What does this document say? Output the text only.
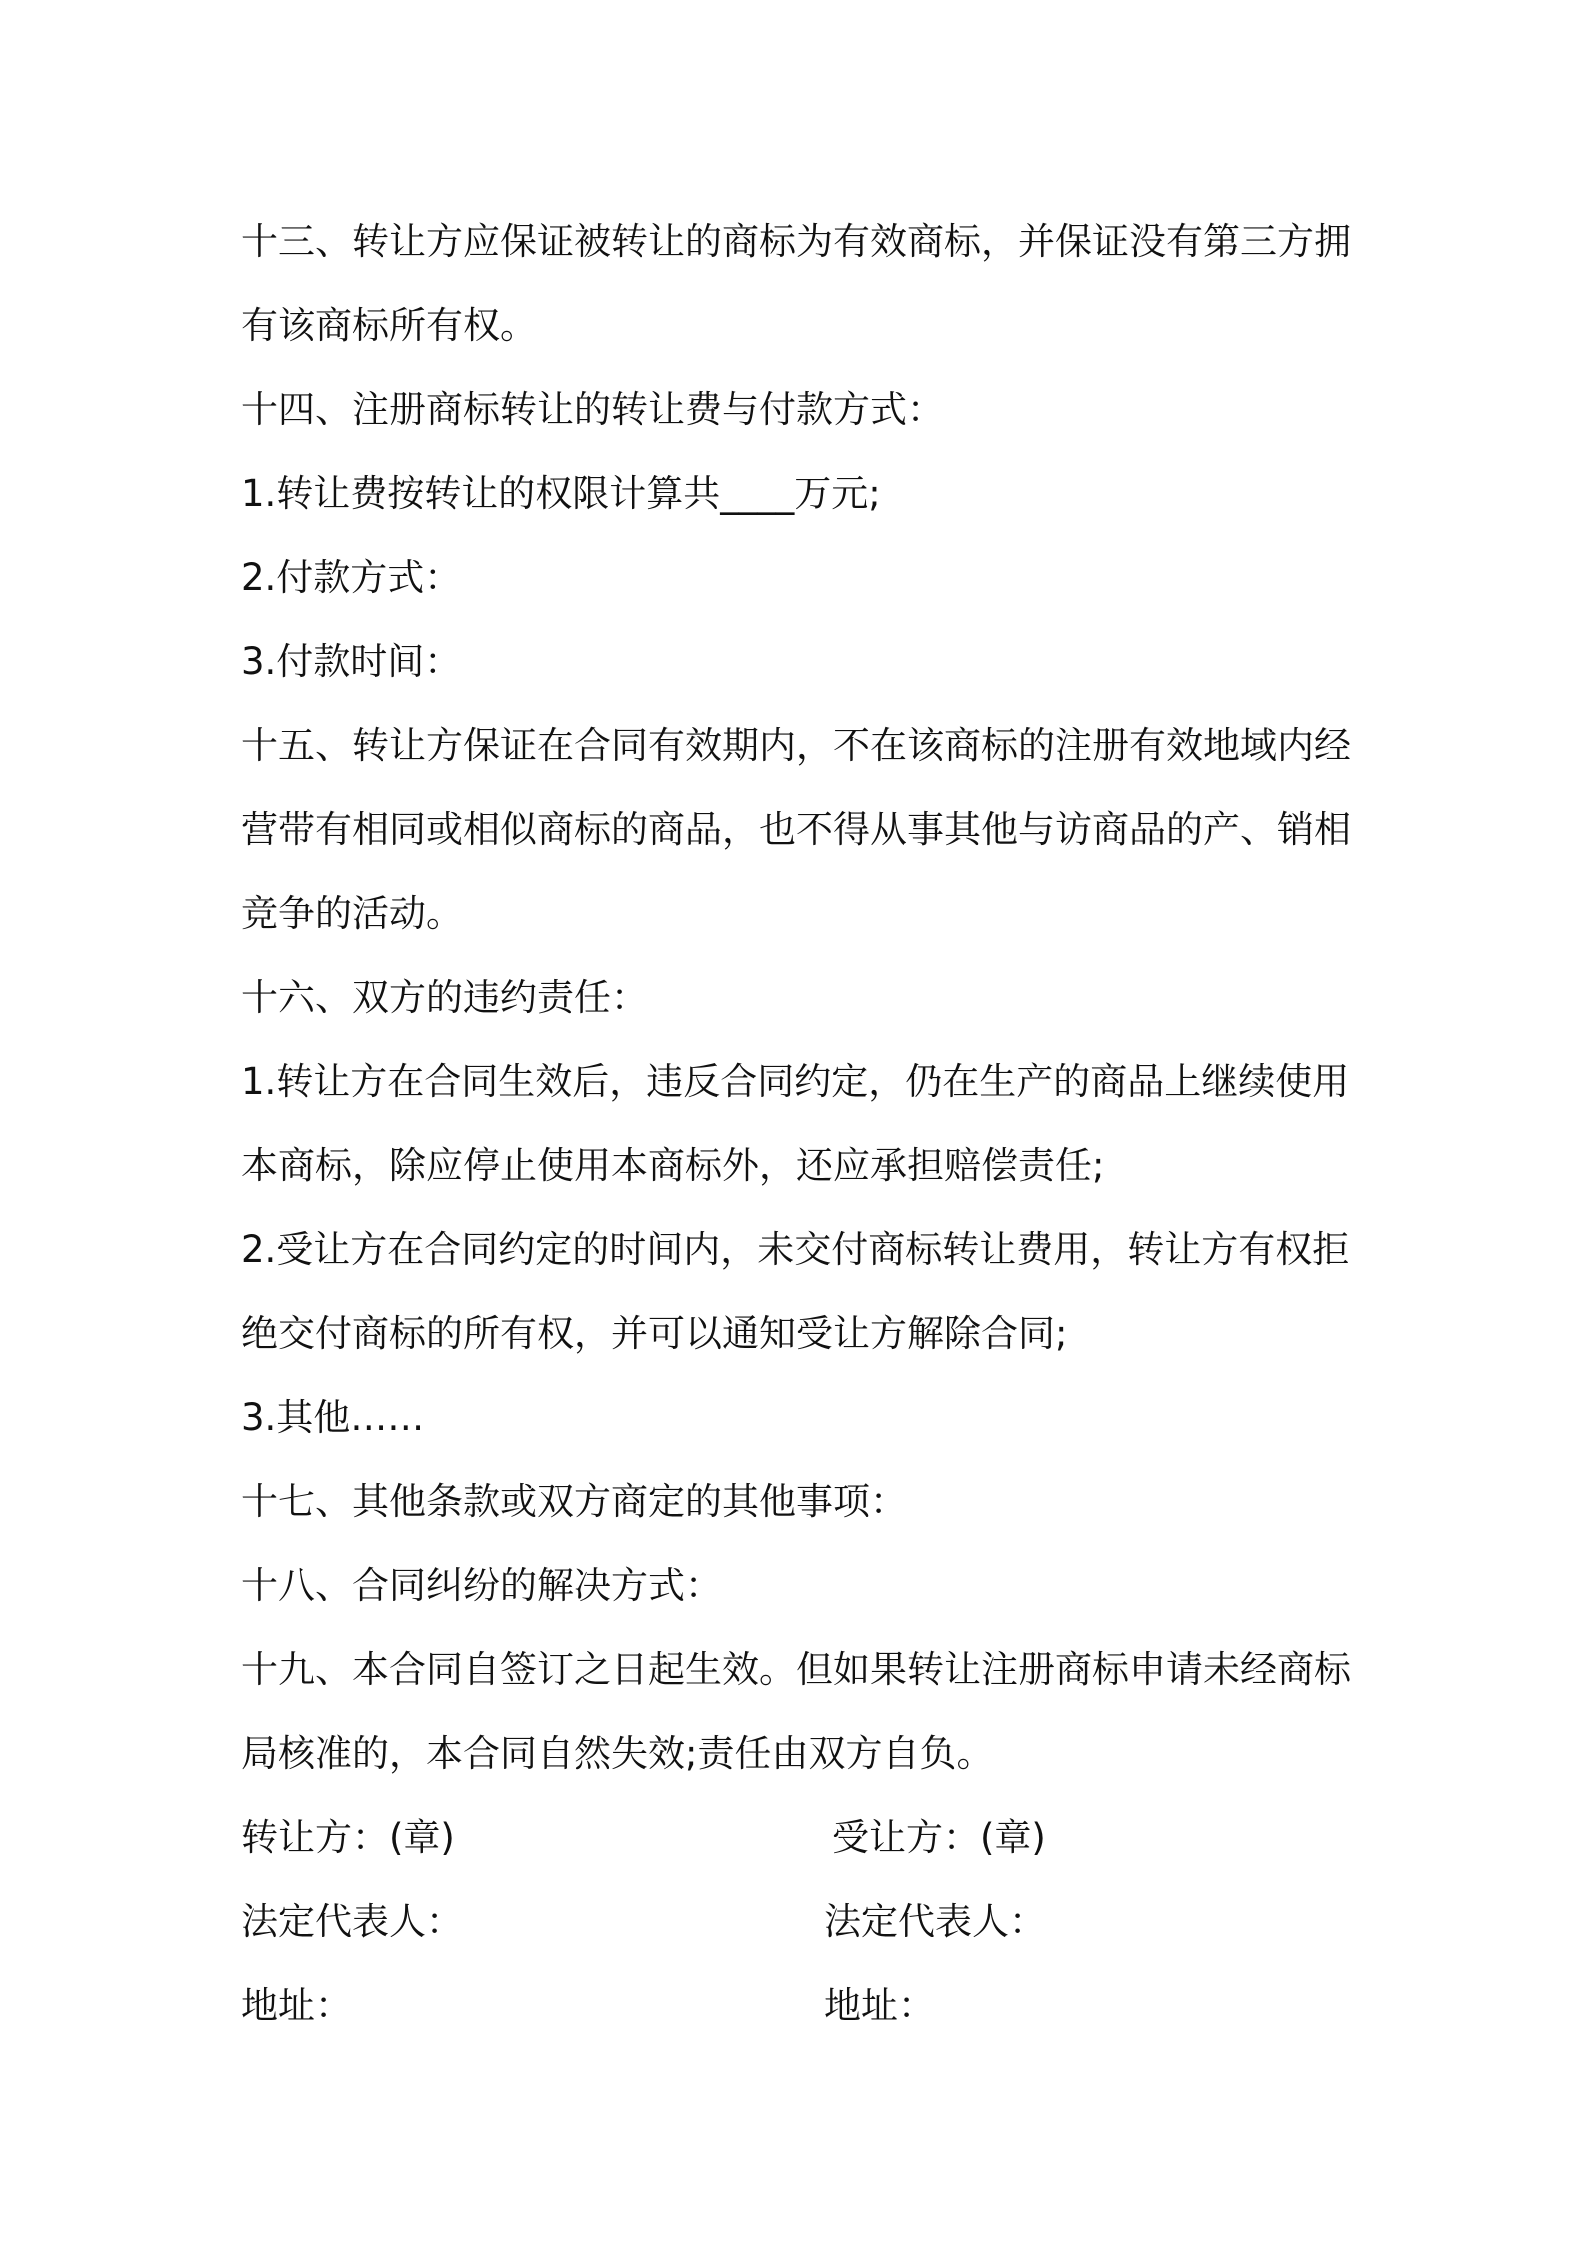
十三、转让方应保证被转让的商标为有效商标，并保证没有第三方拥有该商标所有权。

十四、注册商标转让的转让费与付款方式：

1.转让费按转让的权限计算共____万元;

2.付款方式：

3.付款时间：

十五、转让方保证在合同有效期内，不在该商标的注册有效地域内经营带有相同或相似商标的商品，也不得从事其他与访商品的产、销相竞争的活动。

十六、双方的违约责任：

1.转让方在合同生效后，违反合同约定，仍在生产的商品上继续使用本商标，除应停止使用本商标外，还应承担赔偿责任;

2.受让方在合同约定的时间内，未交付商标转让费用，转让方有权拒绝交付商标的所有权，并可以通知受让方解除合同;

3.其他……

十七、其他条款或双方商定的其他事项：

十八、合同纠纷的解决方式：

十九、本合同自签订之日起生效。但如果转让注册商标申请未经商标局核准的，本合同自然失效;责任由双方自负。

转让方：(章)	受让方：(章)
法定代表人：	法定代表人：
地址：	地址：
